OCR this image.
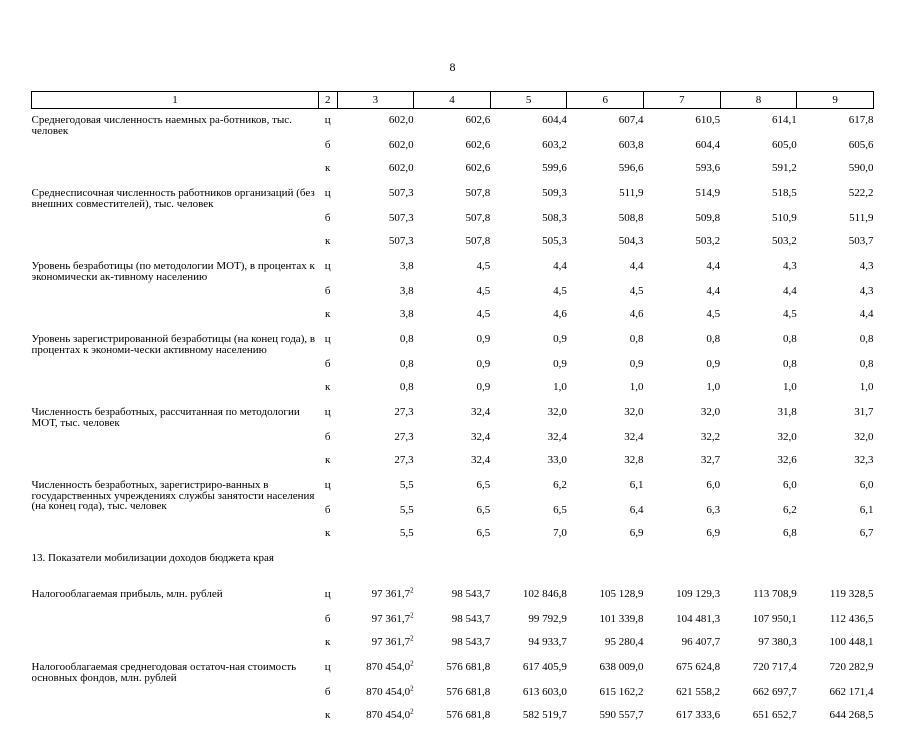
8
1	2	3	4	5	6	7	8	9

Среднегодовая численность наемных ра-ботников, тыс. человек	ц	602,0	602,6	604,4	607,4	610,5	614,1	617,8
	б	602,0	602,6	603,2	603,8	604,4	605,0	605,6
	к	602,0	602,6	599,6	596,6	593,6	591,2	590,0

Среднесписочная численность работников организаций (без внешних совместителей), тыс. человек	ц	507,3	507,8	509,3	511,9	514,9	518,5	522,2
	б	507,3	507,8	508,3	508,8	509,8	510,9	511,9
	к	507,3	507,8	505,3	504,3	503,2	503,2	503,7

Уровень безработицы (по методологии МОТ), в процентах к экономически ак-тивному населению	ц	3,8	4,5	4,4	4,4	4,4	4,3	4,3
	б	3,8	4,5	4,5	4,5	4,4	4,4	4,3
	к	3,8	4,5	4,6	4,6	4,5	4,5	4,4

Уровень зарегистрированной безработицы (на конец года), в процентах к экономи-чески активному населению	ц	0,8	0,9	0,9	0,8	0,8	0,8	0,8
	б	0,8	0,9	0,9	0,9	0,9	0,8	0,8
	к	0,8	0,9	1,0	1,0	1,0	1,0	1,0

Численность безработных, рассчитанная по методологии МОТ, тыс. человек	ц	27,3	32,4	32,0	32,0	32,0	31,8	31,7
	б	27,3	32,4	32,4	32,4	32,2	32,0	32,0
	к	27,3	32,4	33,0	32,8	32,7	32,6	32,3

Численность безработных, зарегистриро-ванных в государственных учреждениях службы занятости населения (на конец года), тыс. человек	ц	5,5	6,5	6,2	6,1	6,0	6,0	6,0
	б	5,5	6,5	6,5	6,4	6,3	6,2	6,1
	к	5,5	6,5	7,0	6,9	6,9	6,8	6,7

13. Показатели мобилизации доходов бюджета края								

Налогооблагаемая прибыль, млн. рублей	ц	97 361,7$^2$	98 543,7	102 846,8	105 128,9	109 129,3	113 708,9	119 328,5
	б	97 361,7$^2$	98 543,7	99 792,9	101 339,8	104 481,3	107 950,1	112 436,5
	к	97 361,7$^2$	98 543,7	94 933,7	95 280,4	96 407,7	97 380,3	100 448,1

Налогооблагаемая среднегодовая остаточ-ная стоимость основных фондов, млн. рублей	ц	870 454,0$^2$	576 681,8	617 405,9	638 009,0	675 624,8	720 717,4	720 282,9
	б	870 454,0$^2$	576 681,8	613 603,0	615 162,2	621 558,2	662 697,7	662 171,4
	к	870 454,0$^2$	576 681,8	582 519,7	590 557,7	617 333,6	651 652,7	644 268,5
